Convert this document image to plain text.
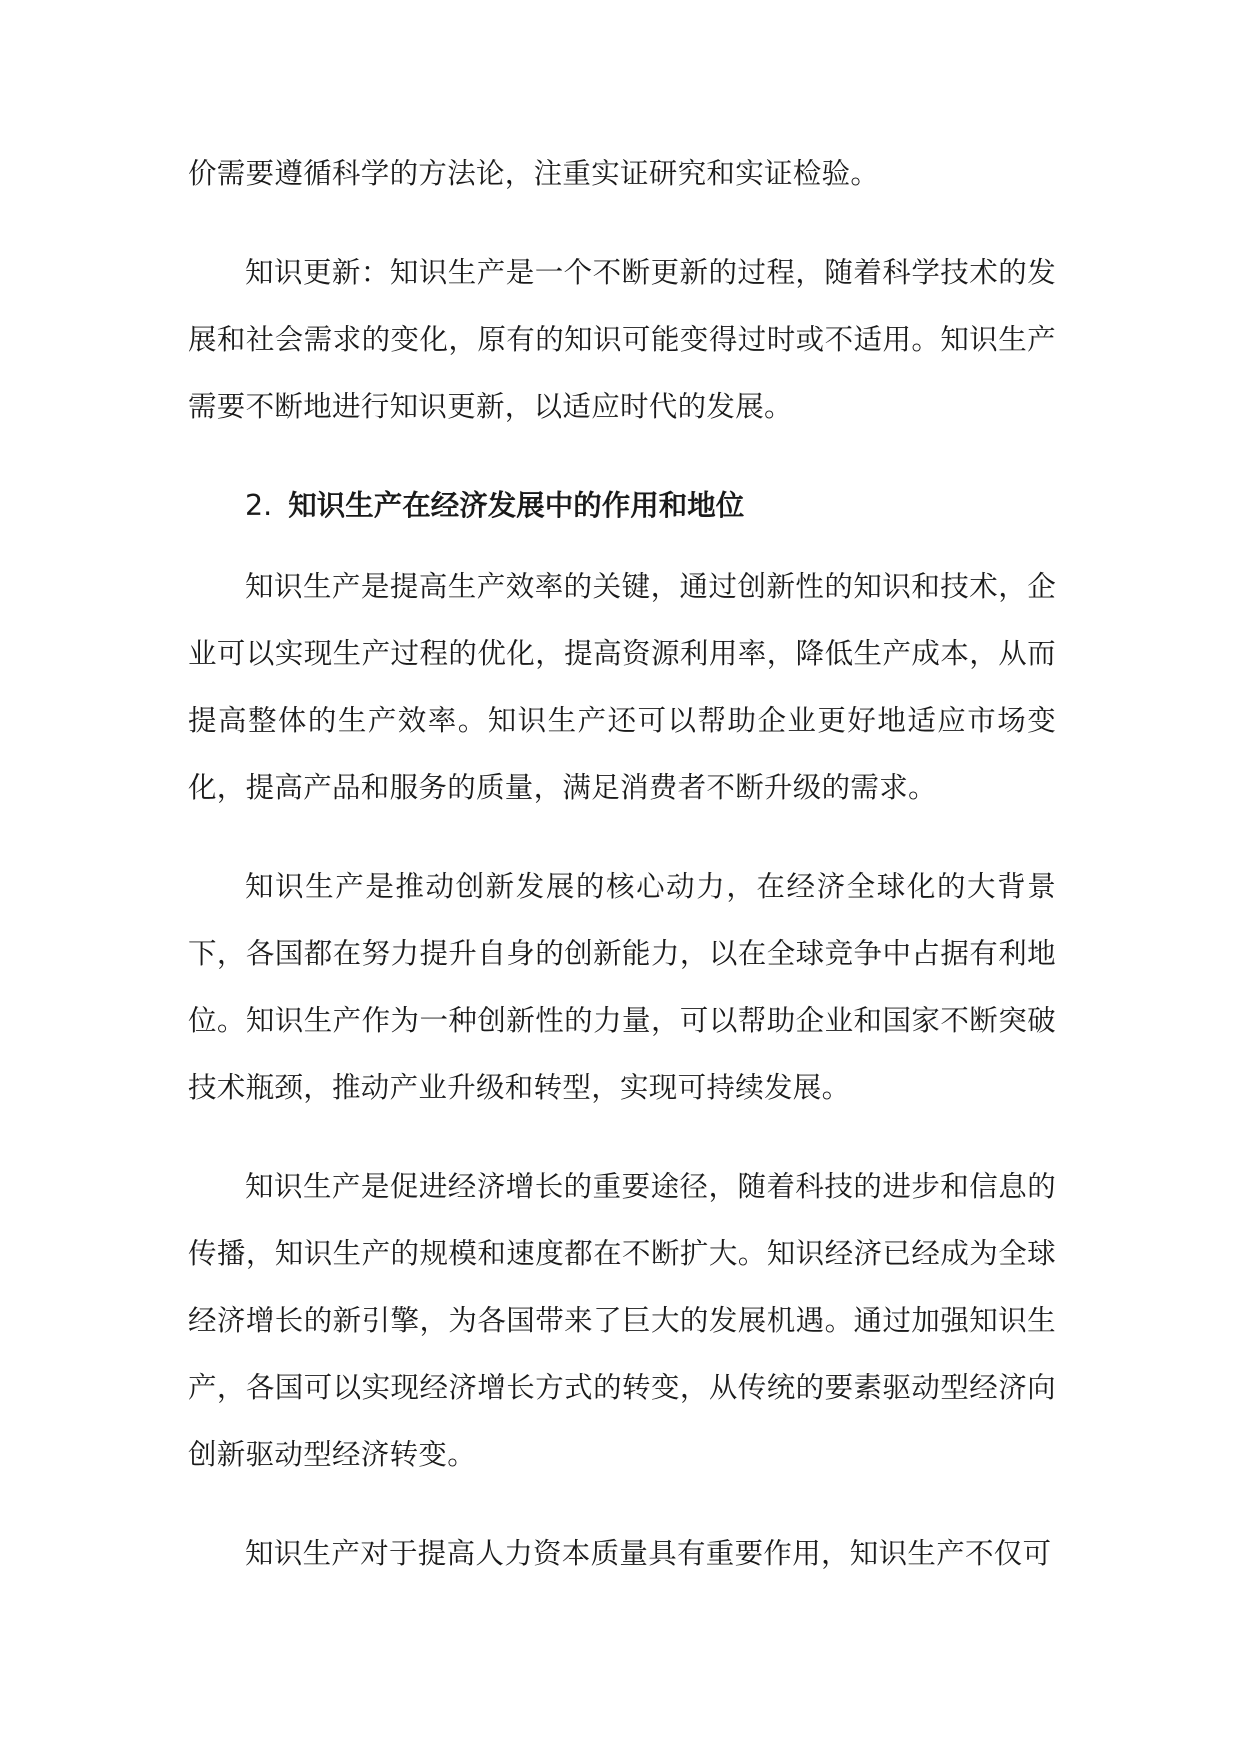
价需要遵循科学的方法论，注重实证研究和实证检验。

知识更新：知识生产是一个不断更新的过程，随着科学技术的发展和社会需求的变化，原有的知识可能变得过时或不适用。知识生产需要不断地进行知识更新，以适应时代的发展。

2. 知识生产在经济发展中的作用和地位

知识生产是提高生产效率的关键，通过创新性的知识和技术，企业可以实现生产过程的优化，提高资源利用率，降低生产成本，从而提高整体的生产效率。知识生产还可以帮助企业更好地适应市场变化，提高产品和服务的质量，满足消费者不断升级的需求。

知识生产是推动创新发展的核心动力，在经济全球化的大背景下，各国都在努力提升自身的创新能力，以在全球竞争中占据有利地位。知识生产作为一种创新性的力量，可以帮助企业和国家不断突破技术瓶颈，推动产业升级和转型，实现可持续发展。

知识生产是促进经济增长的重要途径，随着科技的进步和信息的传播，知识生产的规模和速度都在不断扩大。知识经济已经成为全球经济增长的新引擎，为各国带来了巨大的发展机遇。通过加强知识生产，各国可以实现经济增长方式的转变，从传统的要素驱动型经济向创新驱动型经济转变。

知识生产对于提高人力资本质量具有重要作用，知识生产不仅可
